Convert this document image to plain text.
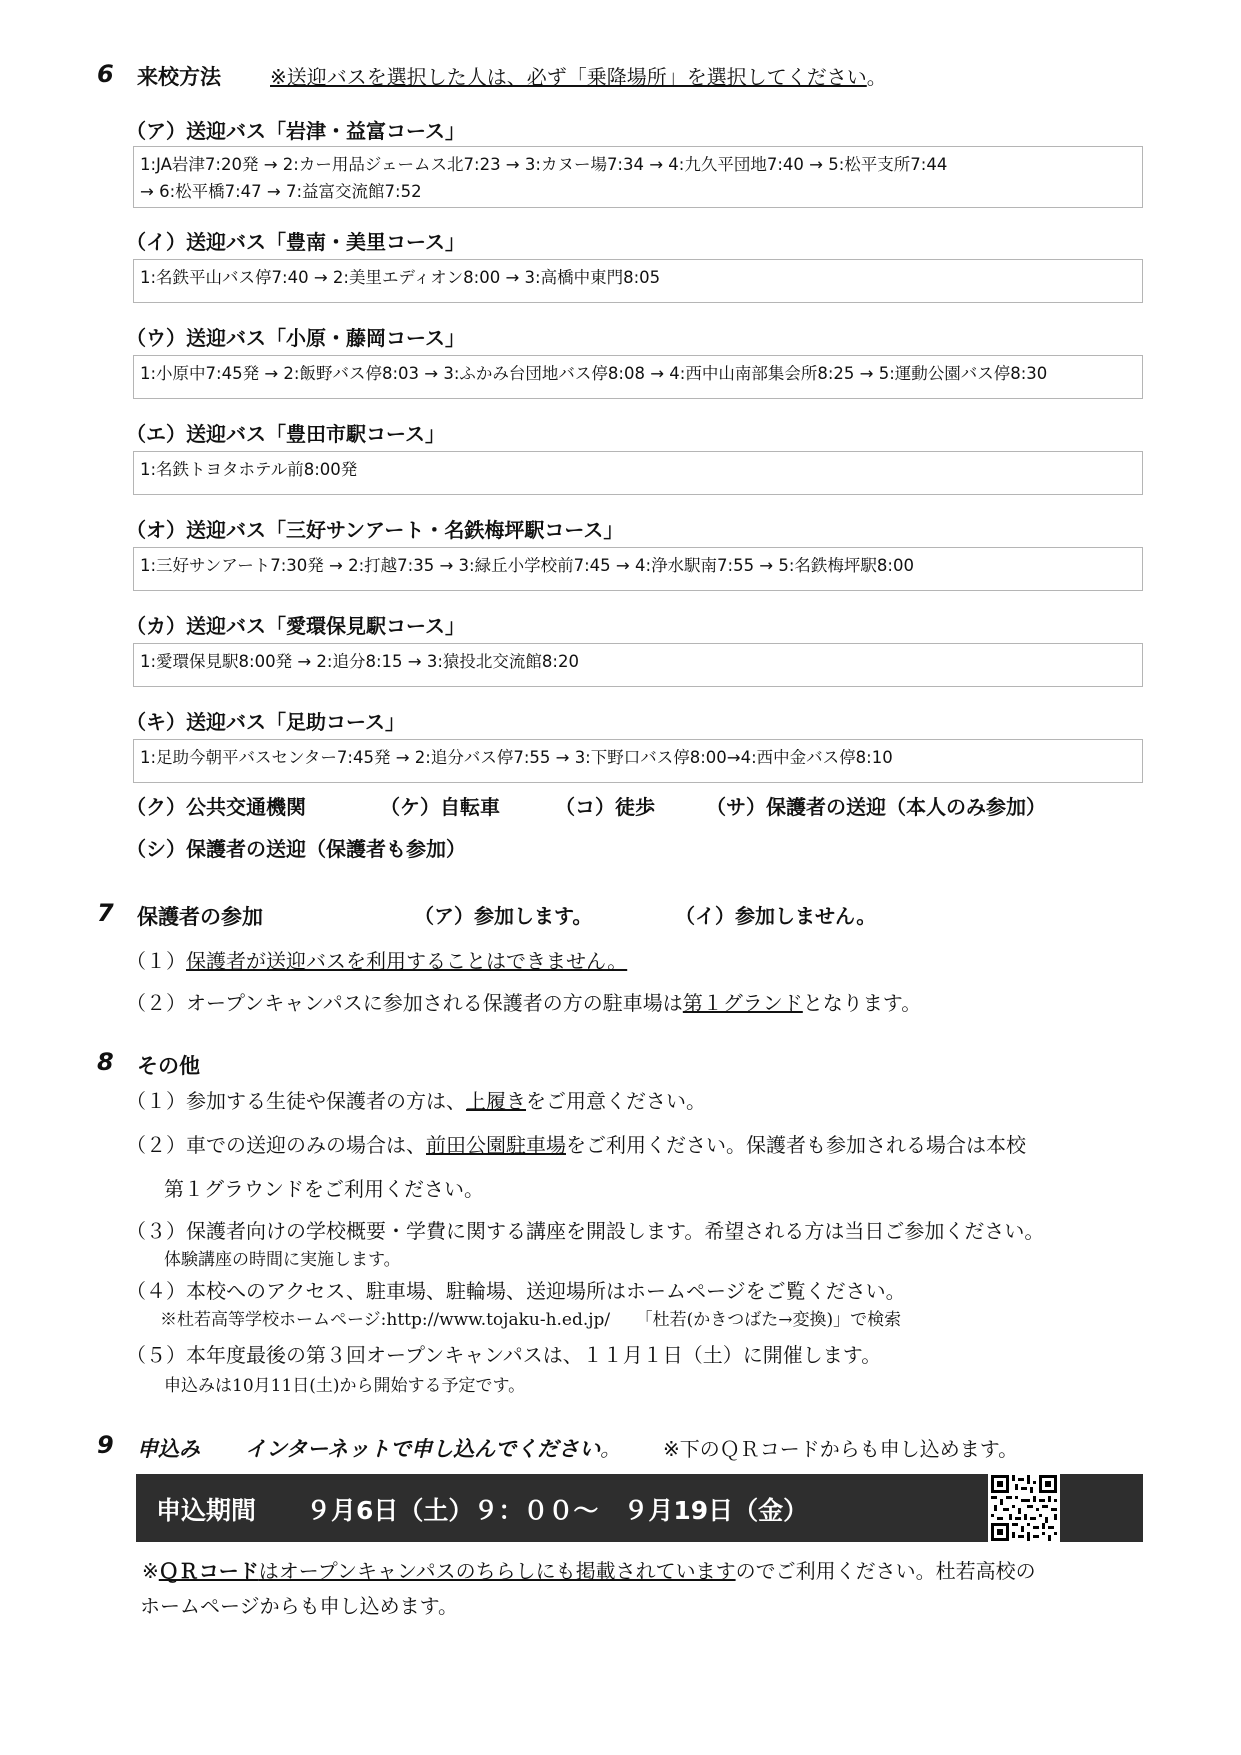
6 来校方法 ※送迎バスを選択した人は、必ず「乗降場所」を選択してください。
（ア）送迎バス「岩津・益富コース」
1:JA岩津7:20発 → 2:カー用品ジェームス北7:23 → 3:カヌー場7:34 → 4:九久平団地7:40 → 5:松平支所7:44
→ 6:松平橋7:47 → 7:益富交流館7:52
（イ）送迎バス「豊南・美里コース」
1:名鉄平山バス停7:40 → 2:美里エディオン8:00 → 3:高橋中東門8:05
（ウ）送迎バス「小原・藤岡コース」
1:小原中7:45発 → 2:飯野バス停8:03 → 3:ふかみ台団地バス停8:08 → 4:西中山南部集会所8:25 → 5:運動公園バス停8:30
（エ）送迎バス「豊田市駅コース」
1:名鉄トヨタホテル前8:00発
（オ）送迎バス「三好サンアート・名鉄梅坪駅コース」
1:三好サンアート7:30発 → 2:打越7:35 → 3:緑丘小学校前7:45 → 4:浄水駅南7:55 → 5:名鉄梅坪駅8:00
（カ）送迎バス「愛環保見駅コース」
1:愛環保見駅8:00発 → 2:追分8:15 → 3:猿投北交流館8:20
（キ）送迎バス「足助コース」
1:足助今朝平バスセンター7:45発 → 2:追分バス停7:55 → 3:下野口バス停8:00→4:西中金バス停8:10
（ク）公共交通機関	（ケ）自転車	（コ）徒歩	（サ）保護者の送迎（本人のみ参加）
（シ）保護者の送迎（保護者も参加）
7 保護者の参加	（ア）参加します。	（イ）参加しません。
（１）保護者が送迎バスを利用することはできません。
（２）オープンキャンパスに参加される保護者の方の駐車場は第１グランドとなります。
8 その他
（１）参加する生徒や保護者の方は、上履きをご用意ください。
（２）車での送迎のみの場合は、前田公園駐車場をご利用ください。保護者も参加される場合は本校
第１グラウンドをご利用ください。
（３）保護者向けの学校概要・学費に関する講座を開設します。希望される方は当日ご参加ください。
体験講座の時間に実施します。
（４）本校へのアクセス、駐車場、駐輪場、送迎場所はホームページをご覧ください。
※杜若高等学校ホームページ:http://www.tojaku-h.ed.jp/　　「杜若(かきつばた→変換)」で検索
（５）本年度最後の第３回オープンキャンパスは、１１月１日（土）に開催します。
申込みは10月11日(土)から開始する予定です。
9 申込み インターネットで申し込んでください。 ※下のＱＲコードからも申し込めます。
申込期間　　９月6日（土）９：００～　９月19日（金）
※ＱＲコードはオープンキャンパスのちらしにも掲載されていますのでご利用ください。杜若高校の
ホームページからも申し込めます。
